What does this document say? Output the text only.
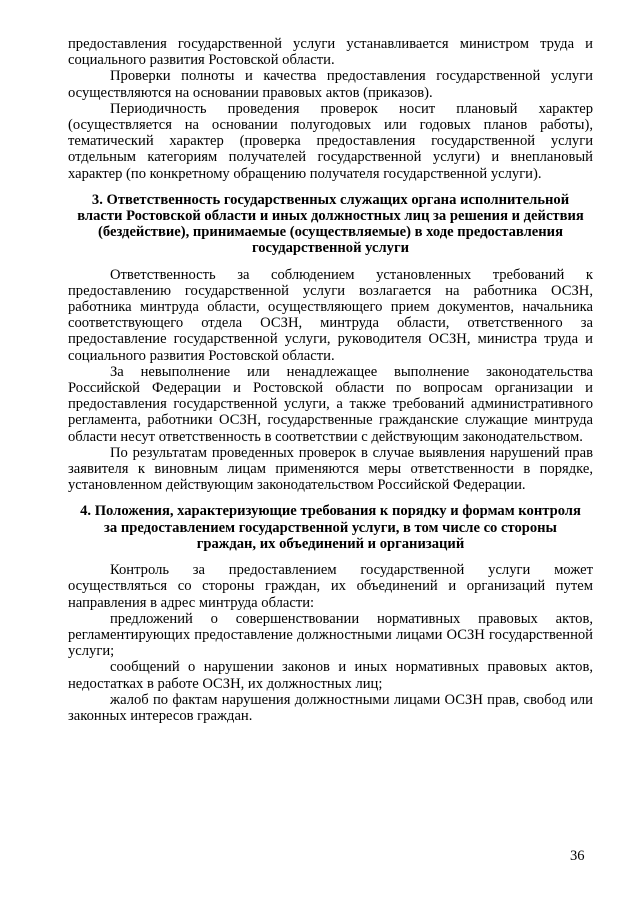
предоставления государственной услуги устанавливается министром труда и социального развития Ростовской области.

Проверки полноты и качества предоставления государственной услуги осуществляются на основании правовых актов (приказов).

Периодичность проведения проверок носит плановый характер (осуществляется на основании полугодовых или годовых планов работы), тематический характер (проверка предоставления государственной услуги отдельным категориям получателей государственной услуги) и внеплановый характер (по конкретному обращению получателя государственной услуги).

3. Ответственность государственных служащих органа исполнительной власти Ростовской области и иных должностных лиц за решения и действия (бездействие), принимаемые (осуществляемые) в ходе предоставления государственной услуги

Ответственность за соблюдением установленных требований к предоставлению государственной услуги возлагается на работника ОСЗН, работника минтруда области, осуществляющего прием документов, начальника соответствующего отдела ОСЗН, минтруда области, ответственного за предоставление государственной услуги, руководителя ОСЗН, министра труда и социального развития Ростовской области.

За невыполнение или ненадлежащее выполнение законодательства Российской Федерации и Ростовской области по вопросам организации и предоставления государственной услуги, а также требований административного регламента, работники ОСЗН, государственные гражданские служащие минтруда области несут ответственность в соответствии с действующим законодательством.

По результатам проведенных проверок в случае выявления нарушений прав заявителя к виновным лицам применяются меры ответственности в порядке, установленном действующим законодательством Российской Федерации.

4. Положения, характеризующие требования к порядку и формам контроля за предоставлением государственной услуги, в том числе со стороны граждан, их объединений и организаций

Контроль за предоставлением государственной услуги может осуществляться со стороны граждан, их объединений и организаций путем направления в адрес минтруда области:

предложений о совершенствовании нормативных правовых актов, регламентирующих предоставление должностными лицами ОСЗН государственной услуги;

сообщений о нарушении законов и иных нормативных правовых актов, недостатках в работе ОСЗН, их должностных лиц;

жалоб по фактам нарушения должностными лицами ОСЗН прав, свобод или законных интересов граждан.

36
